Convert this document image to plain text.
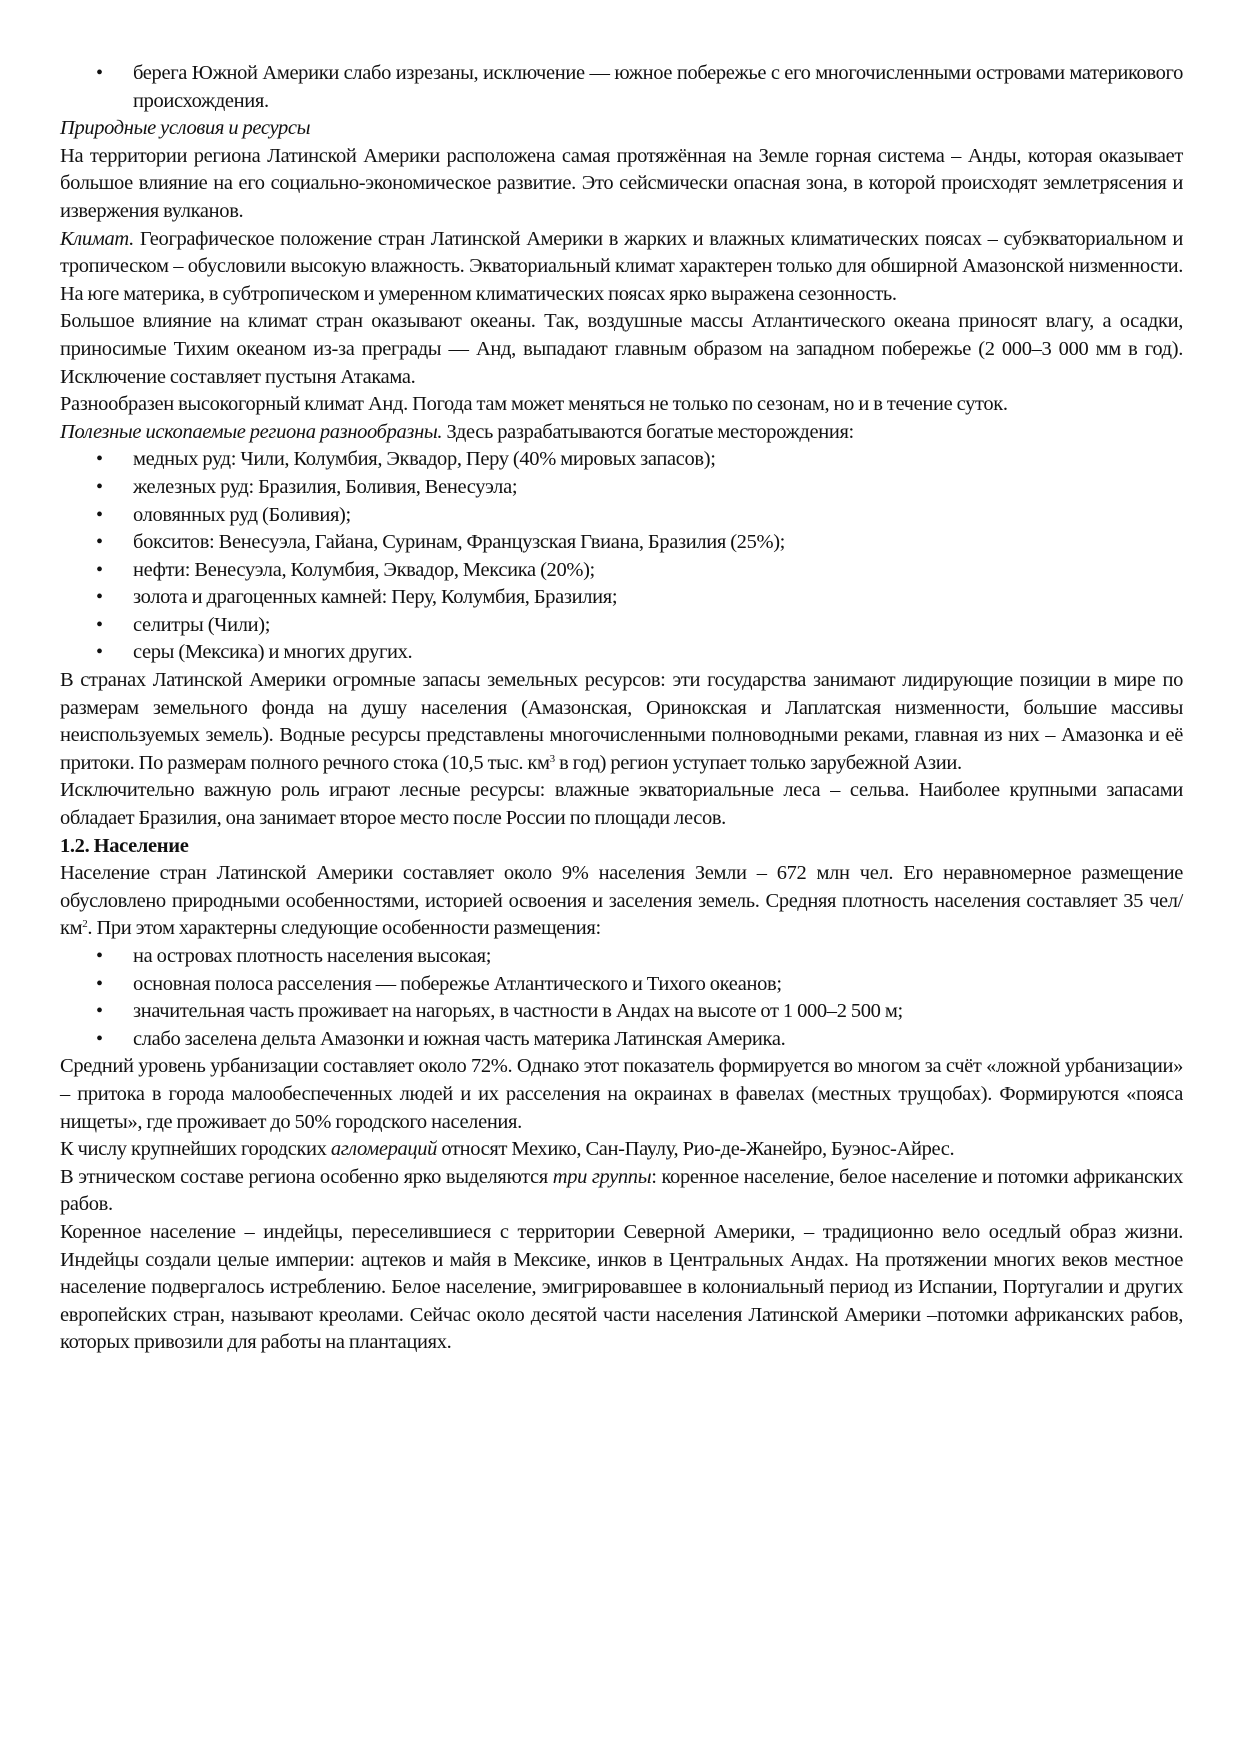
• берега Южной Америки слабо изрезаны, исключение — южное побережье с его многочисленными островами материкового происхождения.

Природные условия и ресурсы

На территории региона Латинской Америки расположена самая протяжённая на Земле горная система – Анды, которая оказывает большое влияние на его социально-экономическое развитие. Это сейсмически опасная зона, в которой происходят землетрясения и извержения вулканов.

Климат. Географическое положение стран Латинской Америки в жарких и влажных климатических поясах – субэкваториальном и тропическом – обусловили высокую влажность. Экваториальный климат характерен только для обширной Амазонской низменности. На юге материка, в субтропическом и умеренном климатических поясах ярко выражена сезонность.

Большое влияние на климат стран оказывают океаны. Так, воздушные массы Атлантического океана приносят влагу, а осадки, приносимые Тихим океаном из-за преграды — Анд, выпадают главным образом на западном побережье (2 000–3 000 мм в год). Исключение составляет пустыня Атакама.

Разнообразен высокогорный климат Анд. Погода там может меняться не только по сезонам, но и в течение суток.

Полезные ископаемые региона разнообразны. Здесь разрабатываются богатые месторождения:

• медных руд: Чили, Колумбия, Эквадор, Перу (40% мировых запасов);
• железных руд: Бразилия, Боливия, Венесуэла;
• оловянных руд (Боливия);
• бокситов: Венесуэла, Гайана, Суринам, Французская Гвиана, Бразилия (25%);
• нефти: Венесуэла, Колумбия, Эквадор, Мексика (20%);
• золота и драгоценных камней: Перу, Колумбия, Бразилия;
• селитры (Чили);
• серы (Мексика) и многих других.

В странах Латинской Америки огромные запасы земельных ресурсов: эти государства занимают лидирующие позиции в мире по размерам земельного фонда на душу населения (Амазонская, Оринокская и Лаплатская низменности, большие массивы неиспользуемых земель). Водные ресурсы представлены многочисленными полноводными реками, главная из них – Амазонка и её притоки. По размерам полного речного стока (10,5 тыс. $км^3$ в год) регион уступает только зарубежной Азии.

Исключительно важную роль играют лесные ресурсы: влажные экваториальные леса – сельва. Наиболее крупными запасами обладает Бразилия, она занимает второе место после России по площади лесов.

1.2. Население

Население стран Латинской Америки составляет около 9% населения Земли – 672 млн чел. Его неравномерное размещение обусловлено природными особенностями, историей освоения и заселения земель. Средняя плотность населения составляет 35 чел/$км^2$. При этом характерны следующие особенности размещения:

• на островах плотность населения высокая;
• основная полоса расселения — побережье Атлантического и Тихого океанов;
• значительная часть проживает на нагорьях, в частности в Андах на высоте от 1 000–2 500 м;
• слабо заселена дельта Амазонки и южная часть материка Латинская Америка.

Средний уровень урбанизации составляет около 72%. Однако этот показатель формируется во многом за счёт «ложной урбанизации» – притока в города малообеспеченных людей и их расселения на окраинах в фавелах (местных трущобах). Формируются «пояса нищеты», где проживает до 50% городского населения.

К числу крупнейших городских агломераций относят Мехико, Сан-Паулу, Рио-де-Жанейро, Буэнос-Айрес.

В этническом составе региона особенно ярко выделяются три группы: коренное население, белое население и потомки африканских рабов.

Коренное население – индейцы, переселившиеся с территории Северной Америки, – традиционно вело оседлый образ жизни. Индейцы создали целые империи: ацтеков и майя в Мексике, инков в Центральных Андах. На протяжении многих веков местное население подвергалось истреблению. Белое население, эмигрировавшее в колониальный период из Испании, Португалии и других европейских стран, называют креолами. Сейчас около десятой части населения Латинской Америки –потомки африканских рабов, которых привозили для работы на плантациях.
